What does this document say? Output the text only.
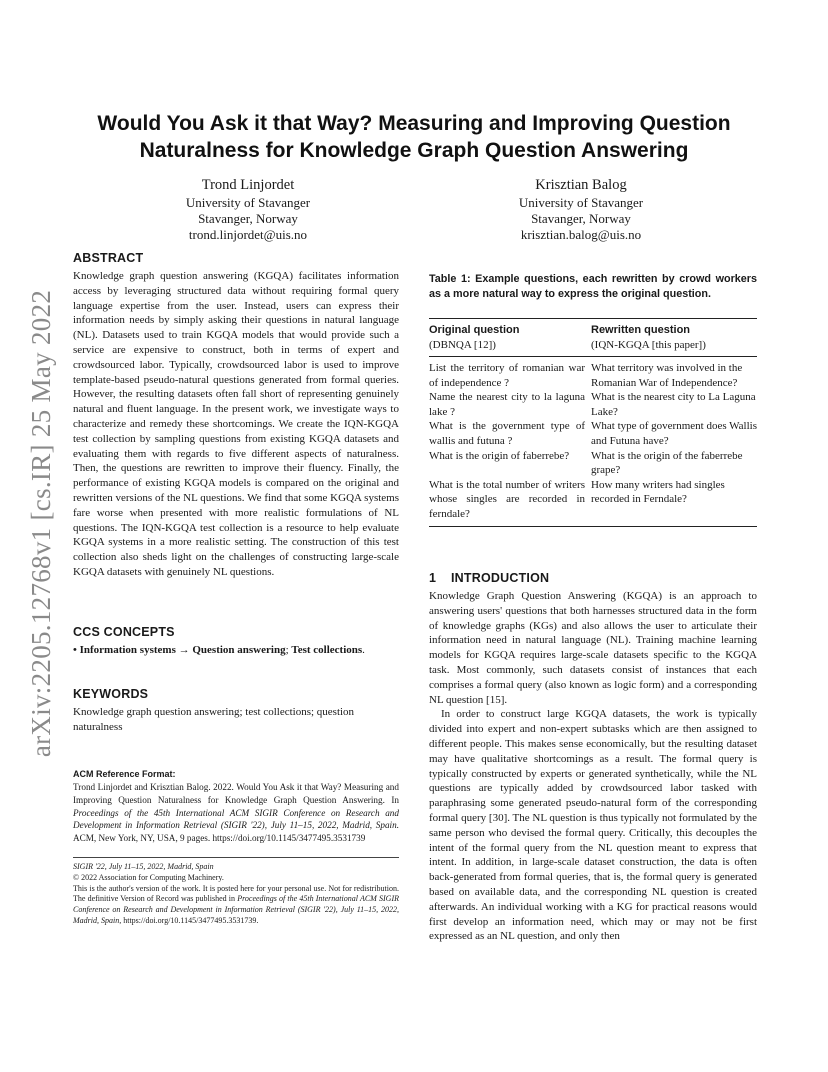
arXiv:2205.12768v1 [cs.IR] 25 May 2022
Would You Ask it that Way? Measuring and Improving Question Naturalness for Knowledge Graph Question Answering
Trond Linjordet
University of Stavanger
Stavanger, Norway
trond.linjordet@uis.no
Krisztian Balog
University of Stavanger
Stavanger, Norway
krisztian.balog@uis.no
ABSTRACT

Knowledge graph question answering (KGQA) facilitates information access by leveraging structured data without requiring formal query language expertise from the user. Instead, users can express their information needs by simply asking their questions in natural language (NL). Datasets used to train KGQA models that would provide such a service are expensive to construct, both in terms of expert and crowdsourced labor. Typically, crowdsourced labor is used to improve template-based pseudo-natural questions generated from formal queries. However, the resulting datasets often fall short of representing genuinely natural and fluent language. In the present work, we investigate ways to characterize and remedy these shortcomings. We create the IQN-KGQA test collection by sampling questions from existing KGQA datasets and evaluating them with regards to five different aspects of naturalness. Then, the questions are rewritten to improve their fluency. Finally, the performance of existing KGQA models is compared on the original and rewritten versions of the NL questions. We find that some KGQA systems fare worse when presented with more realistic formulations of NL questions. The IQN-KGQA test collection is a resource to help evaluate KGQA systems in a more realistic setting. The construction of this test collection also sheds light on the challenges of constructing large-scale KGQA datasets with genuinely NL questions.

CCS CONCEPTS

• Information systems → Question answering; Test collections.

KEYWORDS

Knowledge graph question answering; test collections; question naturalness

ACM Reference Format:

Trond Linjordet and Krisztian Balog. 2022. Would You Ask it that Way? Measuring and Improving Question Naturalness for Knowledge Graph Question Answering. In Proceedings of the 45th International ACM SIGIR Conference on Research and Development in Information Retrieval (SIGIR '22), July 11–15, 2022, Madrid, Spain. ACM, New York, NY, USA, 9 pages. https://doi.org/10.1145/3477495.3531739

SIGIR '22, July 11–15, 2022, Madrid, Spain
© 2022 Association for Computing Machinery.
This is the author's version of the work. It is posted here for your personal use. Not for redistribution. The definitive Version of Record was published in Proceedings of the 45th International ACM SIGIR Conference on Research and Development in Information Retrieval (SIGIR '22), July 11–15, 2022, Madrid, Spain, https://doi.org/10.1145/3477495.3531739.

Table 1: Example questions, each rewritten by crowd workers as a more natural way to express the original question.

Original question
(DBNQA [12])
Rewritten question
(IQN-KGQA [this paper])
List the territory of romanian war of independence ?
What territory was involved in the Romanian War of Independence?
Name the nearest city to la laguna lake ?
What is the nearest city to La Laguna Lake?
What is the government type of wallis and futuna ?
What type of government does Wallis and Futuna have?
What is the origin of faberrebe?	What is the origin of the faberrebe grape?
What is the total number of writers whose singles are recorded in ferndale?
How many writers had singles recorded in Ferndale?
1 INTRODUCTION

Knowledge Graph Question Answering (KGQA) is an approach to answering users' questions that both harnesses structured data in the form of knowledge graphs (KGs) and also allows the user to articulate their information need in natural language (NL). Training machine learning models for KGQA requires large-scale datasets specific to the KGQA task. Most commonly, such datasets consist of instances that each comprises a formal query (also known as logic form) and a corresponding NL question [15].

In order to construct large KGQA datasets, the work is typically divided into expert and non-expert subtasks which are then assigned to different people. This makes sense economically, but the resulting dataset may have qualitative shortcomings as a result. The formal query is typically constructed by experts or generated synthetically, while the NL questions are typically added by crowdsourced labor tasked with paraphrasing some generated pseudo-natural form of the corresponding formal query [30]. The NL question is thus typically not formulated by the same person who devised the formal query. Critically, this decouples the intent of the formal query from the NL question meant to express that intent. In addition, in large-scale dataset construction, the data is often back-generated from formal queries, that is, the formal query is generated based on available data, and the corresponding NL question is created afterwards. An individual working with a KG for practical reasons would first develop an information need, which may or may not be first expressed as an NL question, and only then
